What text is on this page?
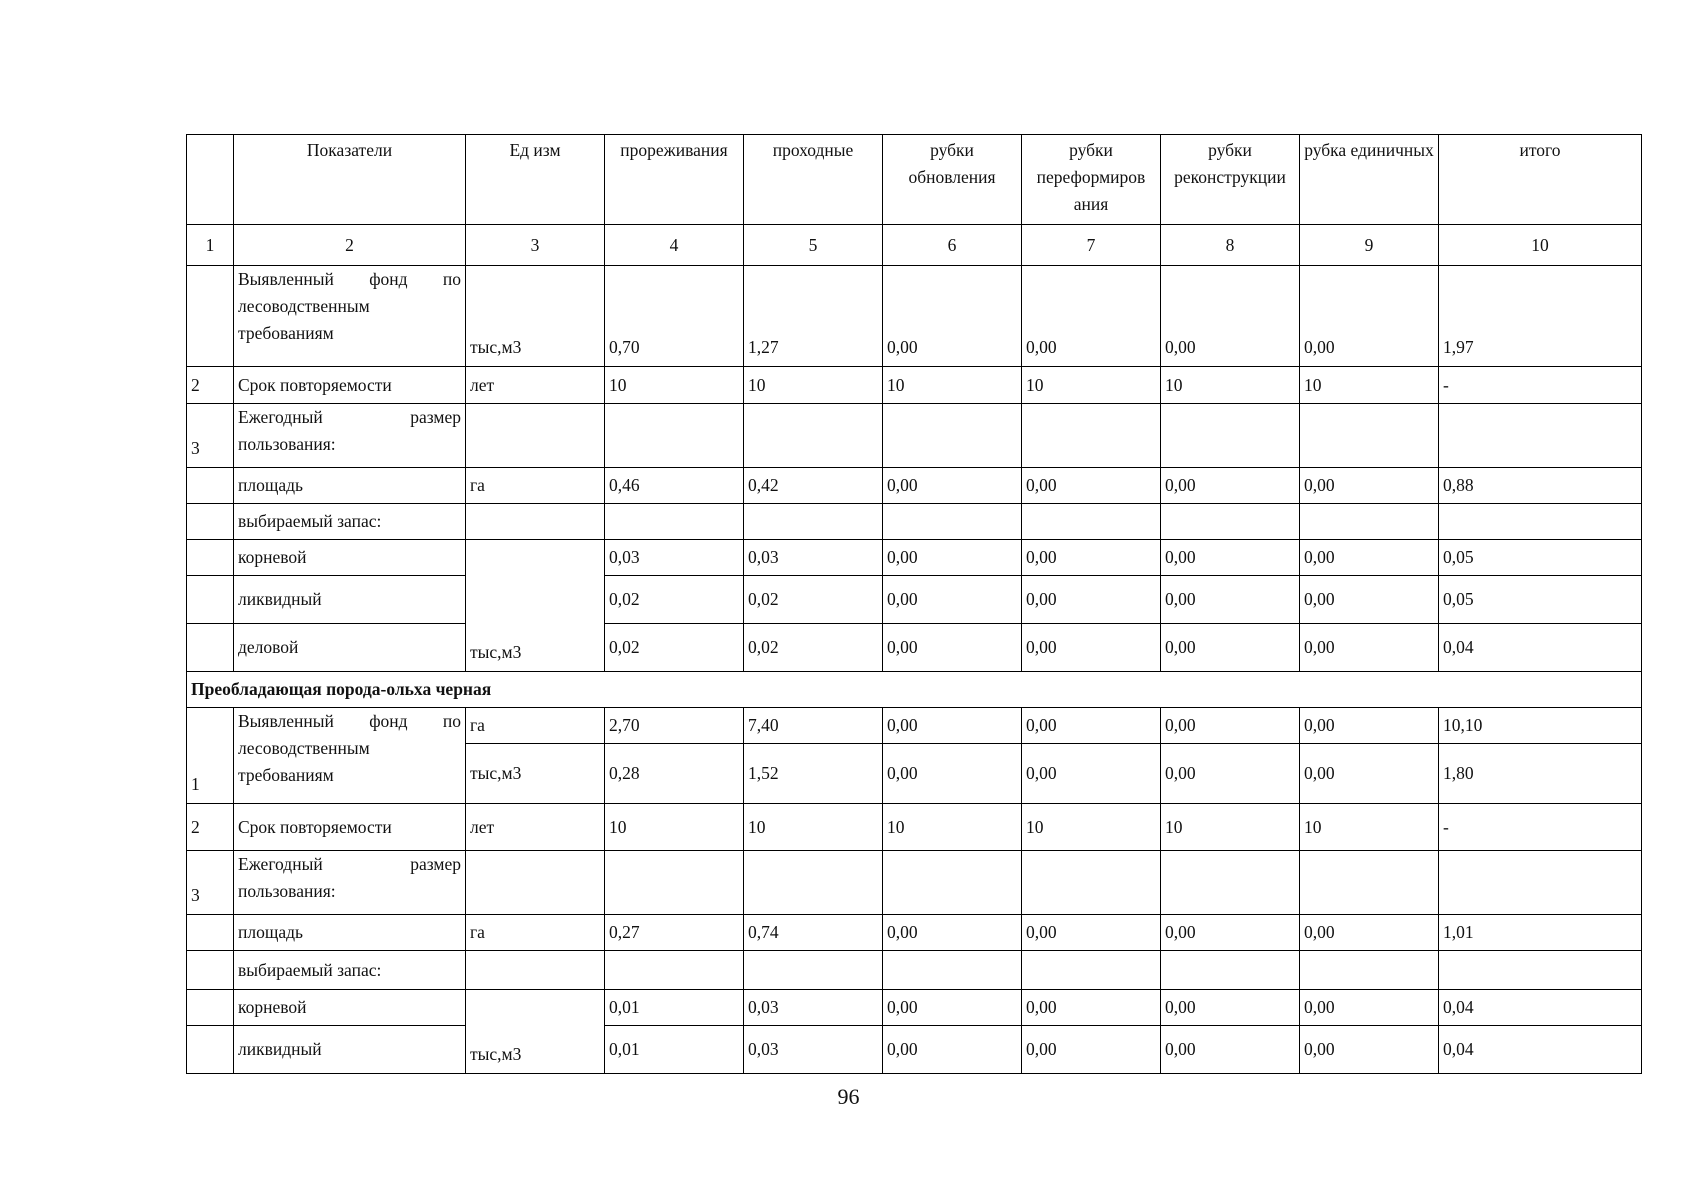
	Показатели	Ед изм	прореживания	проходные	рубки обновления	рубки переформиров ания	рубки реконструкции	рубка единичных	итого
1	2	3	4	5	6	7	8	9	10
	Выявленный фонд по лесоводственным требованиям	тыс,м3	0,70	1,27	0,00	0,00	0,00	0,00	1,97
2	Срок повторяемости	лет	10	10	10	10	10	10	-
3	Ежегодный размер пользования:								
	площадь	га	0,46	0,42	0,00	0,00	0,00	0,00	0,88
	выбираемый запас:								
	корневой	тыс,м3	0,03	0,03	0,00	0,00	0,00	0,00	0,05
	ликвидный		0,02	0,02	0,00	0,00	0,00	0,00	0,05
	деловой		0,02	0,02	0,00	0,00	0,00	0,00	0,04
Преобладающая порода-ольха черная									
1	Выявленный фонд по лесоводственным требованиям	га	2,70	7,40	0,00	0,00	0,00	0,00	10,10
		тыс,м3	0,28	1,52	0,00	0,00	0,00	0,00	1,80
2	Срок повторяемости	лет	10	10	10	10	10	10	-
3	Ежегодный размер пользования:								
	площадь	га	0,27	0,74	0,00	0,00	0,00	0,00	1,01
	выбираемый запас:								
	корневой	тыс,м3	0,01	0,03	0,00	0,00	0,00	0,00	0,04
	ликвидный		0,01	0,03	0,00	0,00	0,00	0,00	0,04
96
